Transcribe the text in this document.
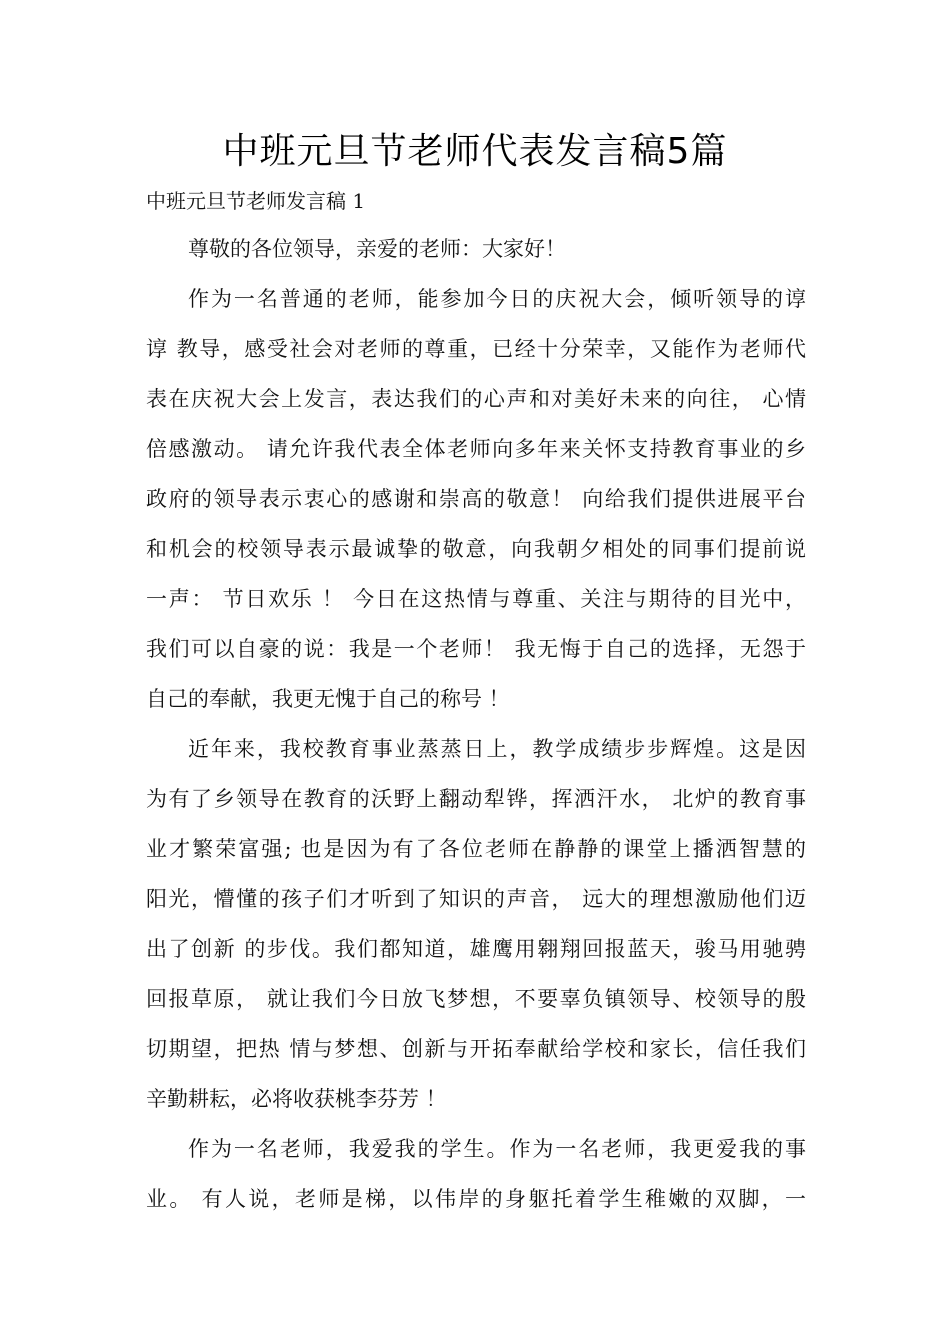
中班元旦节老师代表发言稿5篇
中班元旦节老师发言稿 1
尊敬的各位领导，亲爱的老师：大家好！
作为一名普通的老师，能参加今日的庆祝大会，倾听领导的谆
谆 教导，感受社会对老师的尊重，已经十分荣幸，又能作为老师代
表在庆祝大会上发言，表达我们的心声和对美好未来的向往， 心情
倍感激动。 请允许我代表全体老师向多年来关怀支持教育事业的乡
政府的领导表示衷心的感谢和崇高的敬意！ 向给我们提供进展平台
和机会的校领导表示最诚挚的敬意，向我朝夕相处的同事们提前说
一声： 节日欢乐 ！ 今日在这热情与尊重、关注与期待的目光中，
我们可以自豪的说：我是一个老师！ 我无悔于自己的选择，无怨于
自己的奉献，我更无愧于自己的称号 ！
近年来，我校教育事业蒸蒸日上，教学成绩步步辉煌。这是因
为有了乡领导在教育的沃野上翻动犁铧，挥洒汗水， 北炉的教育事
业才繁荣富强; 也是因为有了各位老师在静静的课堂上播洒智慧的
阳光，懵懂的孩子们才听到了知识的声音， 远大的理想激励他们迈
出了创新 的步伐。我们都知道，雄鹰用翱翔回报蓝天，骏马用驰骋
回报草原， 就让我们今日放飞梦想，不要辜负镇领导、校领导的殷
切期望，把热 情与梦想、创新与开拓奉献给学校和家长，信任我们
辛勤耕耘，必将收获桃李芬芳 ！
作为一名老师，我爱我的学生。作为一名老师，我更爱我的事
业。 有人说，老师是梯，以伟岸的身躯托着学生稚嫩的双脚，一
